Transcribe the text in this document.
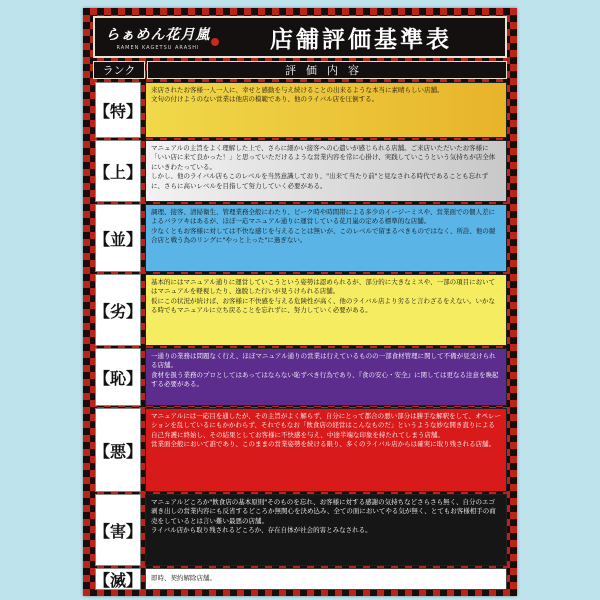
らぁめん花月嵐
RAMEN KAGETSU ARASHI	店舗評価基準表
ランク	評価内容
【特】

来店されたお客様一人一人に、幸せと感動を与え続けることの出来るような本当に素晴らしい店舗。

文句の付けようのない営業は他店の模範であり、他のライバル店を圧倒する。

【上】

マニュアルの主旨をよく理解した上で、さらに細かい接客への心遣いが感じられる店舗。ご来店いただいたお客様に「いい店に来て良かった！」と思っていただけるような営業内容を常に心掛け、実践していこうという気持ちが店全体にいきわたっている。

しかし、他のライバル店もこのレベルを当然意識しており、"出来て当たり前"と見なされる時代であることも忘れずに、さらに高いレベルを目指して努力していく必要がある。

【並】

調理、接客、清掃衛生、管理業務全般にわたり、ピーク時や時間帯による多少のイージーミスや、営業面での個人差によるバラツキはあるが、ほぼ一応マニュアル通りに運営している花月嵐の定める標準的な店舗。

少なくともお客様に対しては不快な感じを与えることは無いが、このレベルで留まるべきものではなく、所詮、他の競合店と戦う為のリングに"やっと上った"に過ぎない。

【劣】

基本的にはマニュアル通りに運営していこうという姿勢は認められるが、部分的に大きなミスや、一部の項目においてはマニュアルを軽視したり、逸脱した行いが見うけられる店舗。

仮にこの状況が続けば、お客様に不快感を与える危険性が高く、他のライバル店より劣ると言わざるをえない。いかなる時でもマニュアルに立ち戻ることを忘れずに、努力していく必要がある。

【恥】

一通りの業務は問題なく行え、ほぼマニュアル通りの営業は行えているものの一部食材管理に関して不備が見受けられる店舗。

食材を扱う業務のプロとしてはあってはならない恥ずべき行為であり、『食の安心・安全』に関しては更なる注意を喚起する必要がある。

【悪】

マニュアルには一応目を通したが、その主旨がよく解らず、自分にとって都合の悪い部分は勝手な解釈をして、オペレーションを乱しているにもかかわらず、それでもなお「飲食店の経営はこんなものだ」というような妙な開き直りによる自己弁護に終始し、その結果としてお客様に不快感を与え、中途半端な印象を持たれてしまう店舗。

営業面全般において誰であり、このままの営業姿勢を続ける限り、多くのライバル店からは確実に取り残される店舗。

【害】

マニュアルどころか"飲食店の基本原則"そのものを忘れ、お客様に対する感謝の気持ちなどさらさら無く、自分のエゴ剥き出しの営業内容にも反省するどころか無関心を決め込み、全ての面においてやる気が無く、とてもお客様相手の商売をしているとは言い難い最悪の店舗。

ライバル店から取り残されるどころか、存在自体が社会的害とみなされる。

【滅】 即時、契約解除店舗。
